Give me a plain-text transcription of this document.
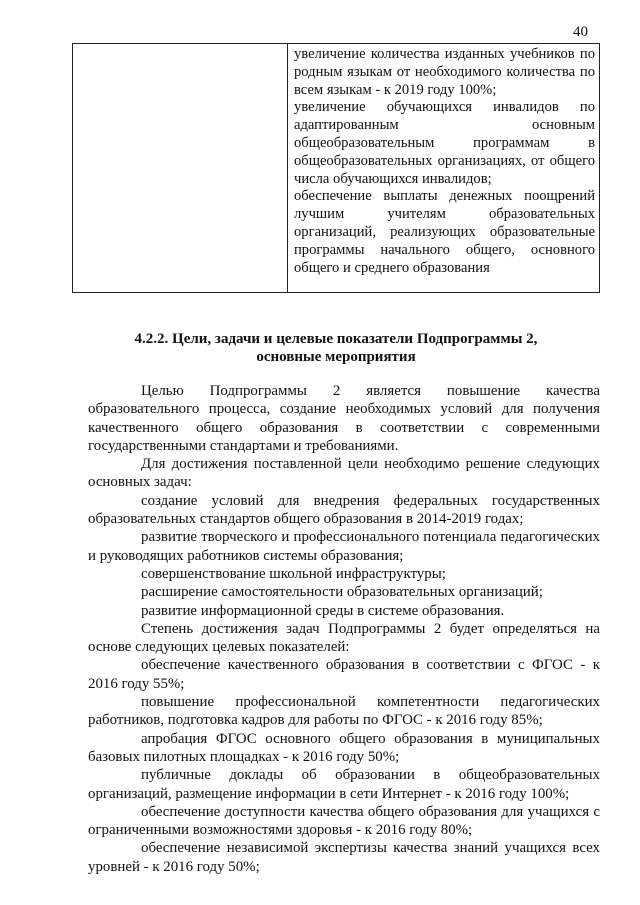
40

увеличение количества изданных учебников по родным языкам от необходимого количества по всем языкам - к 2019 году 100%;

увеличение обучающихся инвалидов по адаптированным основным общеобразовательным программам в общеобразовательных организациях, от общего числа обучающихся инвалидов;

обеспечение выплаты денежных поощрений лучшим учителям образовательных организаций, реализующих образовательные программы начального общего, основного общего и среднего образования

4.2.2. Цели, задачи и целевые показатели Подпрограммы 2,
основные мероприятия

Целью Подпрограммы 2 является повышение качества образовательного процесса, создание необходимых условий для получения качественного общего образования в соответствии с современными государственными стандартами и требованиями.

Для достижения поставленной цели необходимо решение следующих основных задач:

создание условий для внедрения федеральных государственных образовательных стандартов общего образования в 2014-2019 годах;

развитие творческого и профессионального потенциала педагогических и руководящих работников системы образования;

совершенствование школьной инфраструктуры;

расширение самостоятельности образовательных организаций;

развитие информационной среды в системе образования.

Степень достижения задач Подпрограммы 2 будет определяться на основе следующих целевых показателей:

обеспечение качественного образования в соответствии с ФГОС - к 2016 году 55%;

повышение профессиональной компетентности педагогических работников, подготовка кадров для работы по ФГОС - к 2016 году 85%;

апробация ФГОС основного общего образования в муниципальных базовых пилотных площадках - к 2016 году 50%;

публичные доклады об образовании в общеобразовательных организаций, размещение информации в сети Интернет - к 2016 году 100%;

обеспечение доступности качества общего образования для учащихся с ограниченными возможностями здоровья - к 2016 году 80%;

обеспечение независимой экспертизы качества знаний учащихся всех уровней - к 2016 году 50%;
